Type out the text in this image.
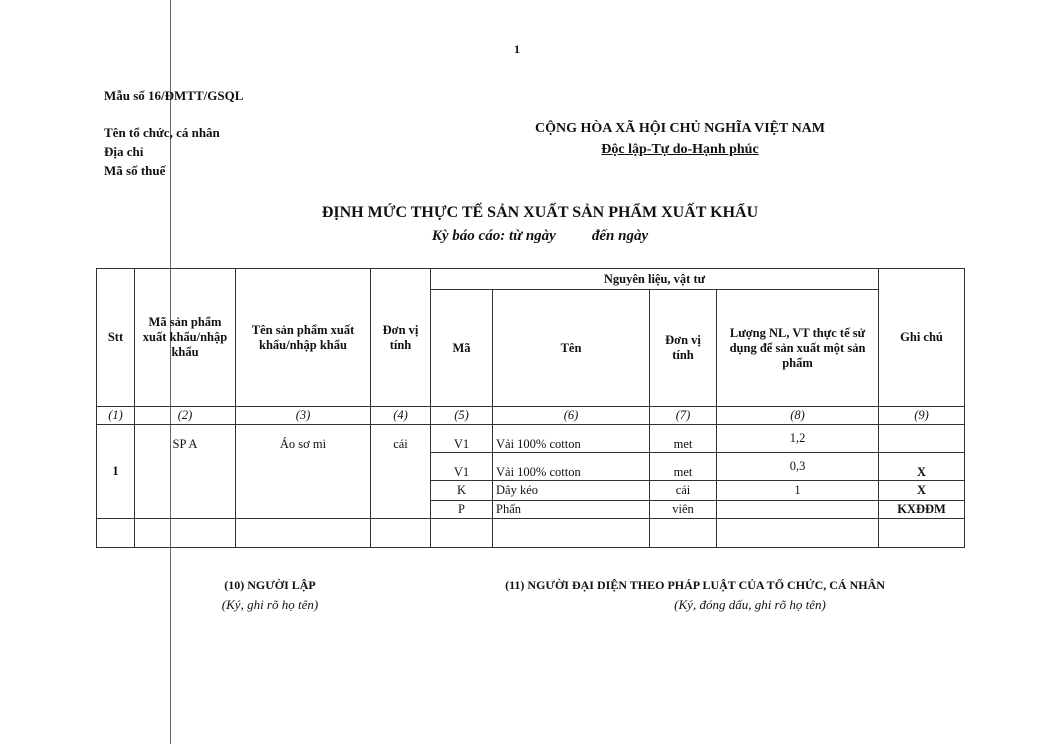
1
Mẫu số 16/ĐMTT/GSQL
Tên tổ chức, cá nhân
Địa chỉ
Mã số thuế
CỘNG HÒA XÃ HỘI CHỦ NGHĨA VIỆT NAM
Độc lập-Tự do-Hạnh phúc
ĐỊNH MỨC THỰC TẾ SẢN XUẤT SẢN PHẨM XUẤT KHẨU
Kỳ báo cáo: từ ngày đến ngày
Stt	Mã sản phẩm xuất khẩu/nhập khẩu	Tên sản phẩm xuất khẩu/nhập khẩu	Đơn vị tính	Nguyên liệu, vật tư				Ghi chú
				Mã	Tên	Đơn vị tính	Lượng NL, VT thực tế sử dụng để sản xuất một sản phẩm	
(1)	(2)	(3)	(4)	(5)	(6)	(7)	(8)	(9)
1	SP A	Áo sơ mi	cái	V1	Vải 100% cotton	met	1,2	
				V1	Vải 100% cotton	met	0,3	X
				K	Dây kéo	cái	1	X
				P	Phấn	viên		KXĐĐM

(10) NGƯỜI LẬP
(Ký, ghi rõ họ tên)
(11) NGƯỜI ĐẠI DIỆN THEO PHÁP LUẬT CỦA TỔ CHỨC, CÁ NHÂN
(Ký, đóng dấu, ghi rõ họ tên)
